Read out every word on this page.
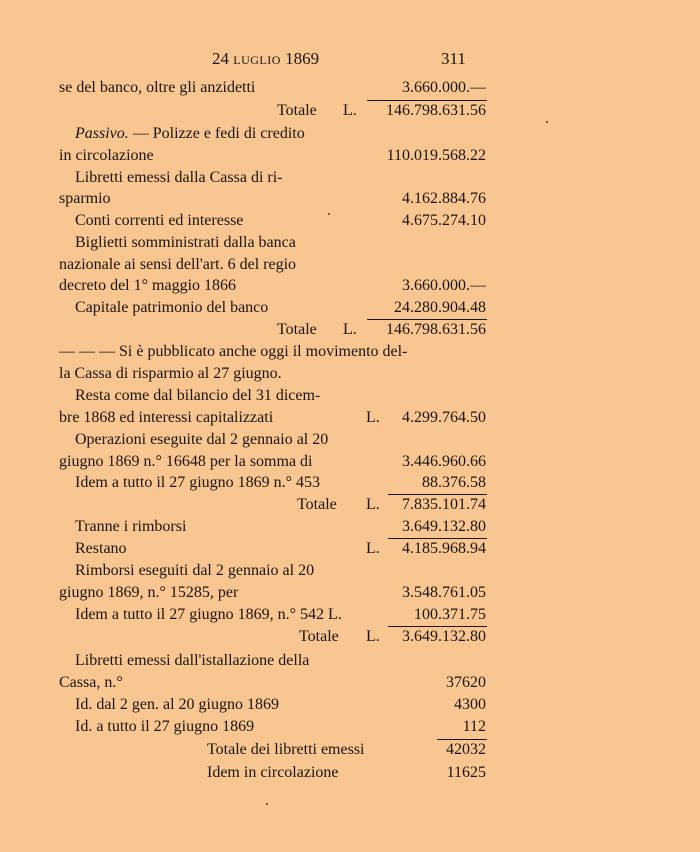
24 LUGLIO 1869	311
se del banco, oltre gli anzidetti	3.660.000.—
Totale L. 146.798.631.56
Passivo. — Polizze e fedi di credito
in circolazione	110.019.568.22
Libretti emessi dalla Cassa di ri-
sparmio	4.162.884.76
Conti correnti ed interesse	4.675.274.10
Biglietti somministrati dalla banca
nazionale ai sensi dell'art. 6 del regio
decreto del 1° maggio 1866	3.660.000.—
Capitale patrimonio del banco	24.280.904.48
Totale L. 146.798.631.56
— — — Si è pubblicato anche oggi il movimento del-
la Cassa di risparmio al 27 giugno.
Resta come dal bilancio del 31 dicem-
bre 1868 ed interessi capitalizzati	L. 4.299.764.50
Operazioni eseguite dal 2 gennaio al 20
giugno 1869 n.° 16648 per la somma di	3.446.960.66
Idem a tutto il 27 giugno 1869 n.° 453	88.376.58
Totale L. 7.835.101.74
Tranne i rimborsi	3.649.132.80
Restano	L. 4.185.968.94
Rimborsi eseguiti dal 2 gennaio al 20
giugno 1869, n.° 15285, per	3.548.761.05
Idem a tutto il 27 giugno 1869, n.° 542 L.	100.371.75
Totale L. 3.649.132.80
Libretti emessi dall'istallazione della
Cassa, n.°	37620
Id. dal 2 gen. al 20 giugno 1869	4300
Id. a tutto il 27 giugno 1869	112
Totale dei libretti emessi	42032
Idem in circolazione	11625
